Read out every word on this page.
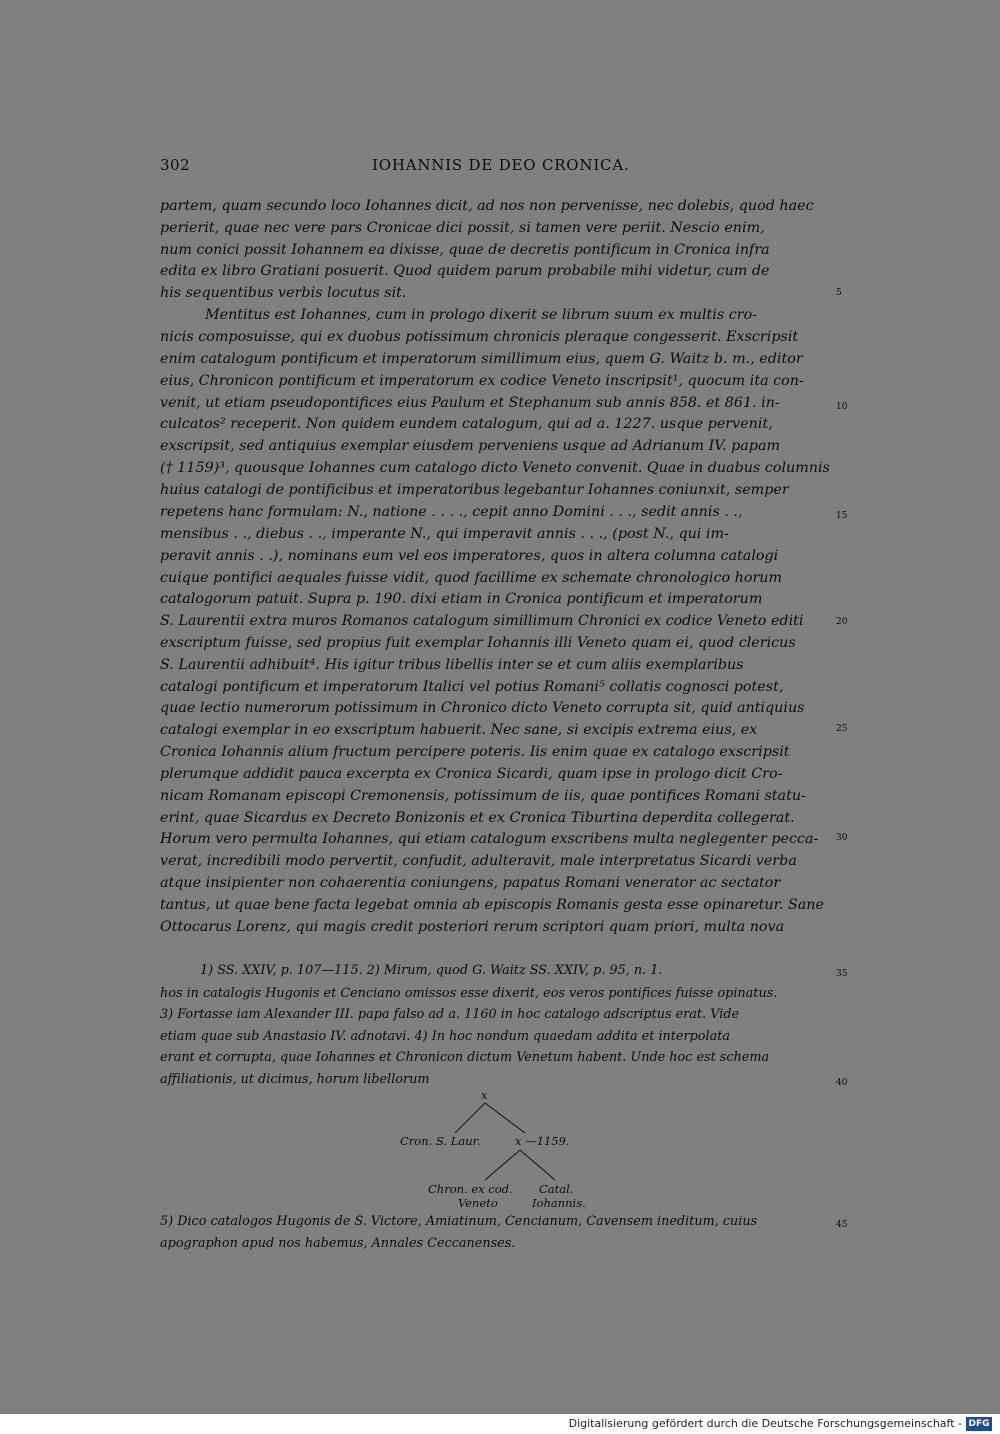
302	IOHANNIS DE DEO CRONICA.
partem, quam secundo loco Iohannes dicit, ad nos non pervenisse, nec dolebis, quod haec
perierit, quae nec vere pars Cronicae dici possit, si tamen vere periit. Nescio enim,
num conici possit Iohannem ea dixisse, quae de decretis pontificum in Cronica infra
edita ex libro Gratiani posuerit. Quod quidem parum probabile mihi videtur, cum de
his sequentibus verbis locutus sit.
Mentitus est Iohannes, cum in prologo dixerit se librum suum ex multis cro-
nicis composuisse, qui ex duobus potissimum chronicis pleraque congesserit. Exscripsit
enim catalogum pontificum et imperatorum simillimum eius, quem G. Waitz b. m., editor
eius, Chronicon pontificum et imperatorum ex codice Veneto inscripsit¹, quocum ita con-
venit, ut etiam pseudopontifices eius Paulum et Stephanum sub annis 858. et 861. in-
culcatos² receperit. Non quidem eundem catalogum, qui ad a. 1227. usque pervenit,
exscripsit, sed antiquius exemplar eiusdem perveniens usque ad Adrianum IV. papam
(† 1159)³, quousque Iohannes cum catalogo dicto Veneto convenit. Quae in duabus columnis
huius catalogi de pontificibus et imperatoribus legebantur Iohannes coniunxit, semper
repetens hanc formulam: N., natione . . . ., cepit anno Domini . . ., sedit annis . .,
mensibus . ., diebus . ., imperante N., qui imperavit annis . . ., (post N., qui im-
peravit annis . .), nominans eum vel eos imperatores, quos in altera columna catalogi
cuique pontifici aequales fuisse vidit, quod facillime ex schemate chronologico horum
catalogorum patuit. Supra p. 190. dixi etiam in Cronica pontificum et imperatorum
S. Laurentii extra muros Romanos catalogum simillimum Chronici ex codice Veneto editi
exscriptum fuisse, sed propius fuit exemplar Iohannis illi Veneto quam ei, quod clericus
S. Laurentii adhibuit⁴. His igitur tribus libellis inter se et cum aliis exemplaribus
catalogi pontificum et imperatorum Italici vel potius Romani⁵ collatis cognosci potest,
quae lectio numerorum potissimum in Chronico dicto Veneto corrupta sit, quid antiquius
catalogi exemplar in eo exscriptum habuerit. Nec sane, si excipis extrema eius, ex
Cronica Iohannis alium fructum percipere poteris. Iis enim quae ex catalogo exscripsit
plerumque addidit pauca excerpta ex Cronica Sicardi, quam ipse in prologo dicit Cro-
nicam Romanam episcopi Cremonensis, potissimum de iis, quae pontifices Romani statu-
erint, quae Sicardus ex Decreto Bonizonis et ex Cronica Tiburtina deperdita collegerat.
Horum vero permulta Iohannes, qui etiam catalogum exscribens multa neglegenter pecca-
verat, incredibili modo pervertit, confudit, adulteravit, male interpretatus Sicardi verba
atque insipienter non cohaerentia coniungens, papatus Romani venerator ac sectator
tantus, ut quae bene facta legebat omnia ab episcopis Romanis gesta esse opinaretur. Sane
Ottocarus Lorenz, qui magis credit posteriori rerum scriptori quam priori, multa nova
5
10
15
20
25
30
35
40
45
1) SS. XXIV, p. 107—115. 2) Mirum, quod G. Waitz SS. XXIV, p. 95, n. 1.
hos in catalogis Hugonis et Cenciano omissos esse dixerit, eos veros pontifices fuisse opinatus.
3) Fortasse iam Alexander III. papa falso ad a. 1160 in hoc catalogo adscriptus erat. Vide
etiam quae sub Anastasio IV. adnotavi. 4) In hoc nondum quaedam addita et interpolata
erant et corrupta, quae Iohannes et Chronicon dictum Venetum habent. Unde hoc est schema
affiliationis, ut dicimus, horum libellorum
5) Dico catalogos Hugonis de S. Victore, Amiatinum, Cencianum, Cavensem ineditum, cuius
apographon apud nos habemus, Annales Ceccanenses.
x
Cron. S. Laur.	x —1159.
Chron. ex cod.
Veneto
Catal.
Iohannis.
Digitalisierung gefördert durch die Deutsche Forschungsgemeinschaft - DFG
